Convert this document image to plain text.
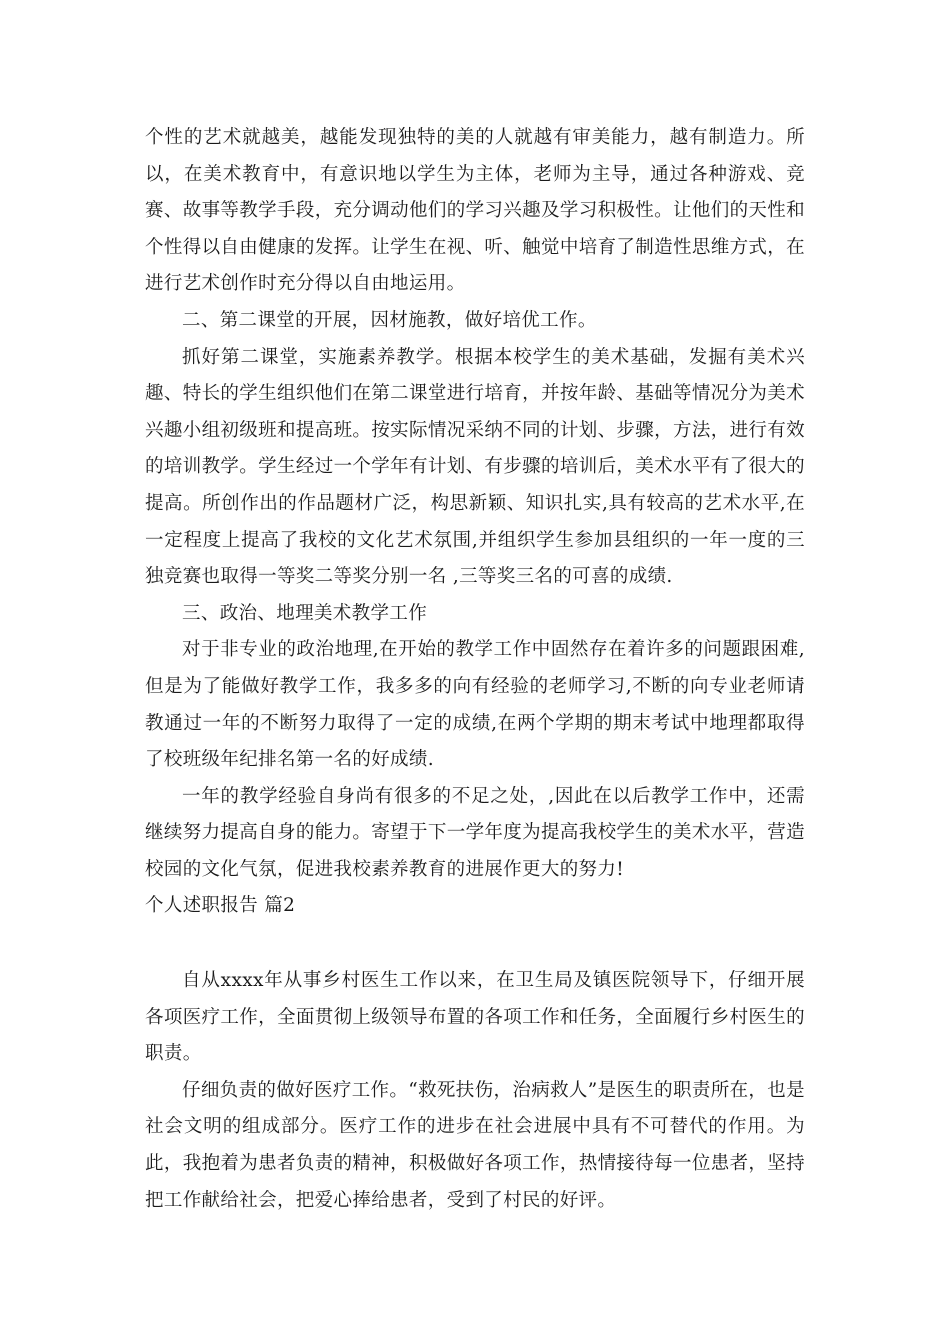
个性的艺术就越美，越能发现独特的美的人就越有审美能力，越有制造力。所以，在美术教育中，有意识地以学生为主体，老师为主导，通过各种游戏、竞赛、故事等教学手段，充分调动他们的学习兴趣及学习积极性。让他们的天性和个性得以自由健康的发挥。让学生在视、听、触觉中培育了制造性思维方式，在进行艺术创作时充分得以自由地运用。

二、第二课堂的开展，因材施教，做好培优工作。

抓好第二课堂，实施素养教学。根据本校学生的美术基础，发掘有美术兴趣、特长的学生组织他们在第二课堂进行培育，并按年龄、基础等情况分为美术兴趣小组初级班和提高班。按实际情况采纳不同的计划、步骤，方法，进行有效的培训教学。学生经过一个学年有计划、有步骤的培训后，美术水平有了很大的提高。所创作出的作品题材广泛，构思新颖、知识扎实,具有较高的艺术水平,在一定程度上提高了我校的文化艺术氛围,并组织学生参加县组织的一年一度的三独竞赛也取得一等奖二等奖分别一名 ,三等奖三名的可喜的成绩.

三、政治、地理美术教学工作

对于非专业的政治地理,在开始的教学工作中固然存在着许多的问题跟困难,但是为了能做好教学工作，我多多的向有经验的老师学习,不断的向专业老师请教通过一年的不断努力取得了一定的成绩,在两个学期的期末考试中地理都取得了校班级年纪排名第一名的好成绩.

一年的教学经验自身尚有很多的不足之处，,因此在以后教学工作中，还需继续努力提高自身的能力。寄望于下一学年度为提高我校学生的美术水平，营造校园的文化气氛，促进我校素养教育的进展作更大的努力!

个人述职报告 篇2

自从xxxx年从事乡村医生工作以来，在卫生局及镇医院领导下，仔细开展各项医疗工作，全面贯彻上级领导布置的各项工作和任务，全面履行乡村医生的职责。

仔细负责的做好医疗工作。“救死扶伤，治病救人”是医生的职责所在，也是社会文明的组成部分。医疗工作的进步在社会进展中具有不可替代的作用。为此，我抱着为患者负责的精神，积极做好各项工作，热情接待每一位患者，坚持把工作献给社会，把爱心捧给患者，受到了村民的好评。
